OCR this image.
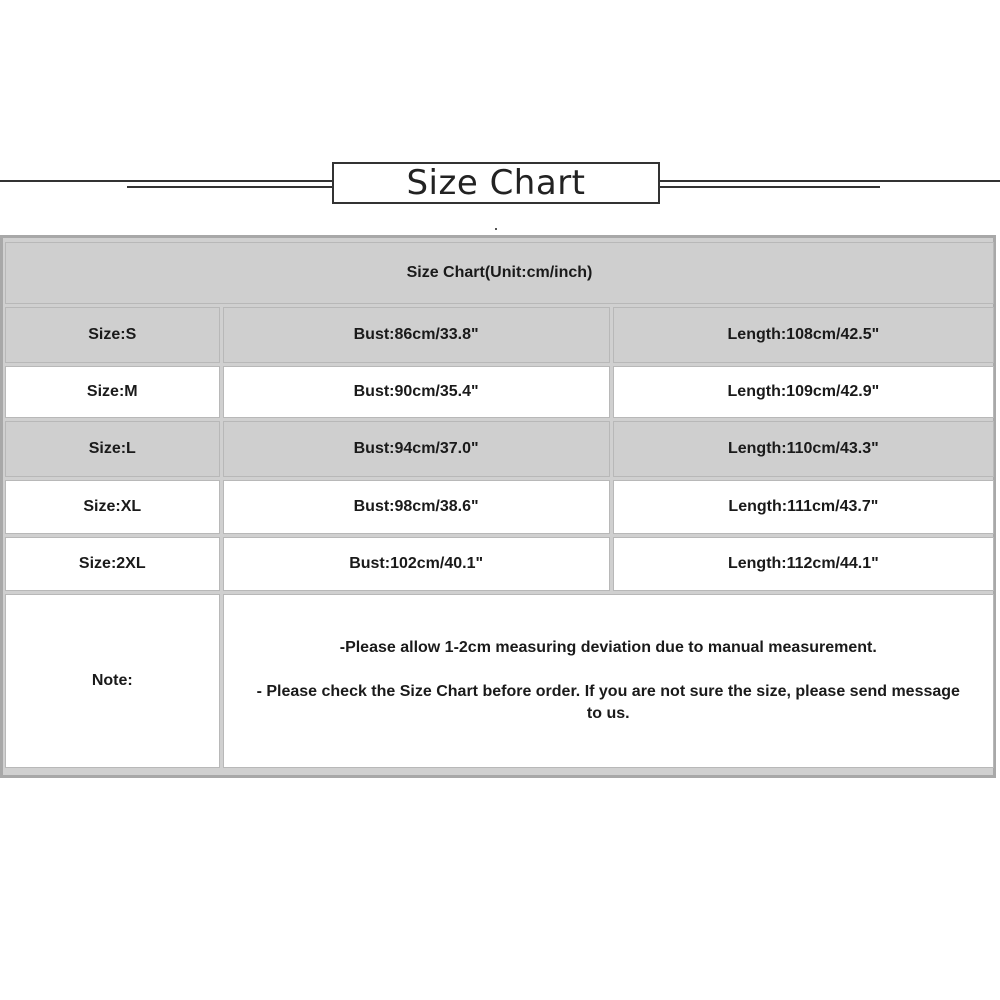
Size Chart
Size Chart(Unit:cm/inch)		
Size:S	Bust:86cm/33.8"	Length:108cm/42.5"
Size:M	Bust:90cm/35.4"	Length:109cm/42.9"
Size:L	Bust:94cm/37.0"	Length:110cm/43.3"
Size:XL	Bust:98cm/38.6"	Length:111cm/43.7"
Size:2XL	Bust:102cm/40.1"	Length:112cm/44.1"
Note:	-Please allow 1-2cm measuring deviation due to manual measurement.
- Please check the Size Chart before order. If you are not sure the size, please send message to us.	
